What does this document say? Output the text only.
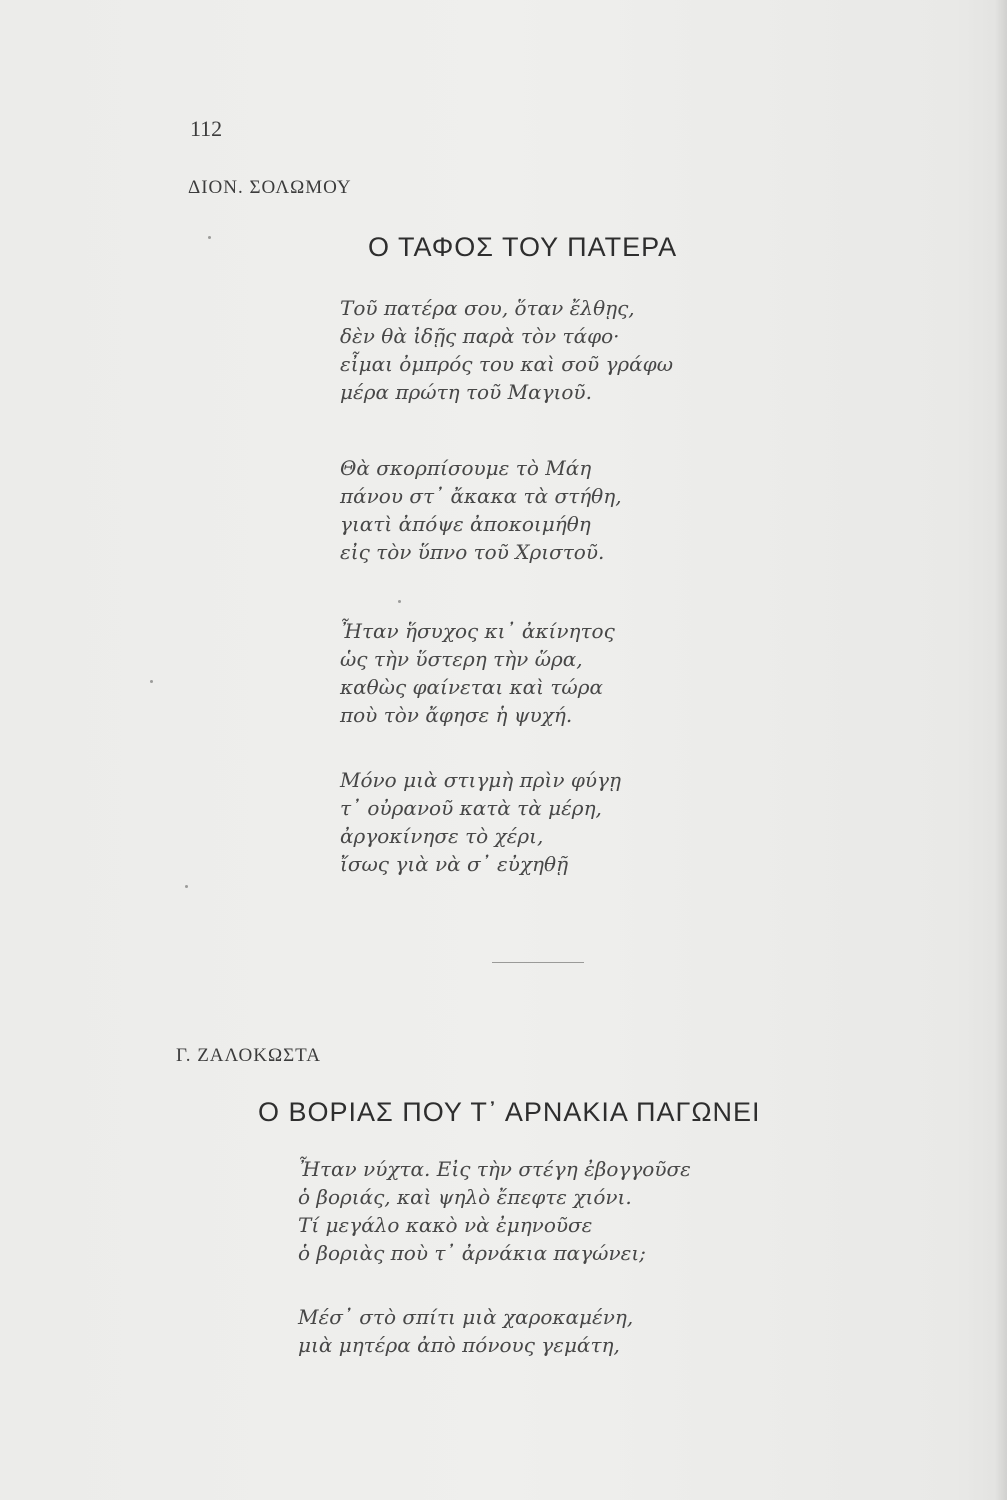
112
ΔΙΟΝ. ΣΟΛΩΜΟΥ
Ο ΤΑΦΟΣ ΤΟΥ ΠΑΤΕΡΑ
Τοῦ πατέρα σου, ὅταν ἔλθῃς,
δὲν θὰ ἰδῇς παρὰ τὸν τάφο·
εἶμαι ὀμπρός του καὶ σοῦ γράφω
μέρα πρώτη τοῦ Μαγιοῦ.
Θὰ σκορπίσουμε τὸ Μάη
πάνου στ᾽ ἄκακα τὰ στήθη,
γιατὶ ἀπόψε ἀποκοιμήθη
εἰς τὸν ὕπνο τοῦ Χριστοῦ.
Ἦταν ἥσυχος κι᾽ ἀκίνητος
ὡς τὴν ὕστερη τὴν ὥρα,
καθὼς φαίνεται καὶ τώρα
ποὺ τὸν ἄφησε ἡ ψυχή.
Μόνο μιὰ στιγμὴ πρὶν φύγῃ
τ᾽ οὐρανοῦ κατὰ τὰ μέρη,
ἀργοκίνησε τὸ χέρι,
ἴσως γιὰ νὰ σ᾽ εὐχηθῇ
Γ. ΖΑΛΟΚΩΣΤΑ
Ο ΒΟΡΙΑΣ ΠΟΥ Τ᾽ ΑΡΝΑΚΙΑ ΠΑΓΩΝΕΙ
Ἦταν νύχτα. Εἰς τὴν στέγη ἐβογγοῦσε
ὁ βοριάς, καὶ ψηλὸ ἔπεφτε χιόνι.
Τί μεγάλο κακὸ νὰ ἐμηνοῦσε
ὁ βοριὰς ποὺ τ᾽ ἀρνάκια παγώνει;
Μέσ᾽ στὸ σπίτι μιὰ χαροκαμένη,
μιὰ μητέρα ἀπὸ πόνους γεμάτη,
